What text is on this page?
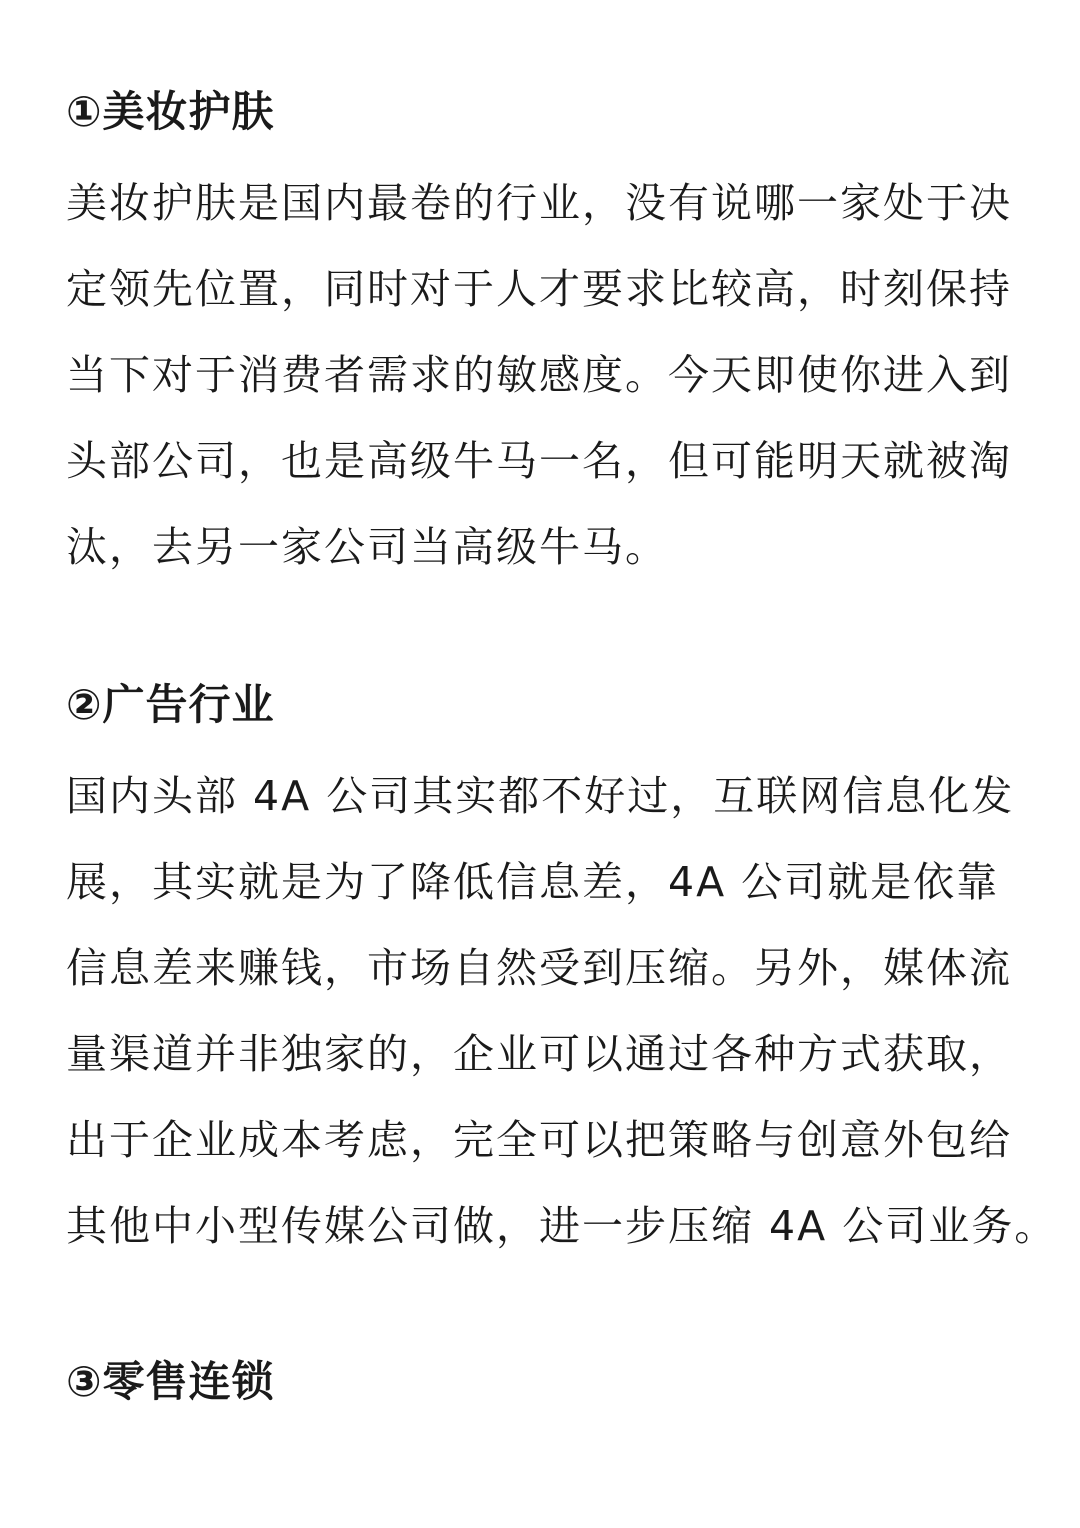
①美妆护肤

美妆护肤是国内最卷的行业，没有说哪一家处于决
定领先位置，同时对于人才要求比较高，时刻保持
当下对于消费者需求的敏感度。今天即使你进入到
头部公司，也是高级牛马一名，但可能明天就被淘
汰，去另一家公司当高级牛马。

②广告行业

国内头部 4A 公司其实都不好过，互联网信息化发
展，其实就是为了降低信息差，4A 公司就是依靠
信息差来赚钱，市场自然受到压缩。另外，媒体流
量渠道并非独家的，企业可以通过各种方式获取，
出于企业成本考虑，完全可以把策略与创意外包给
其他中小型传媒公司做，进一步压缩 4A 公司业务。

③零售连锁
